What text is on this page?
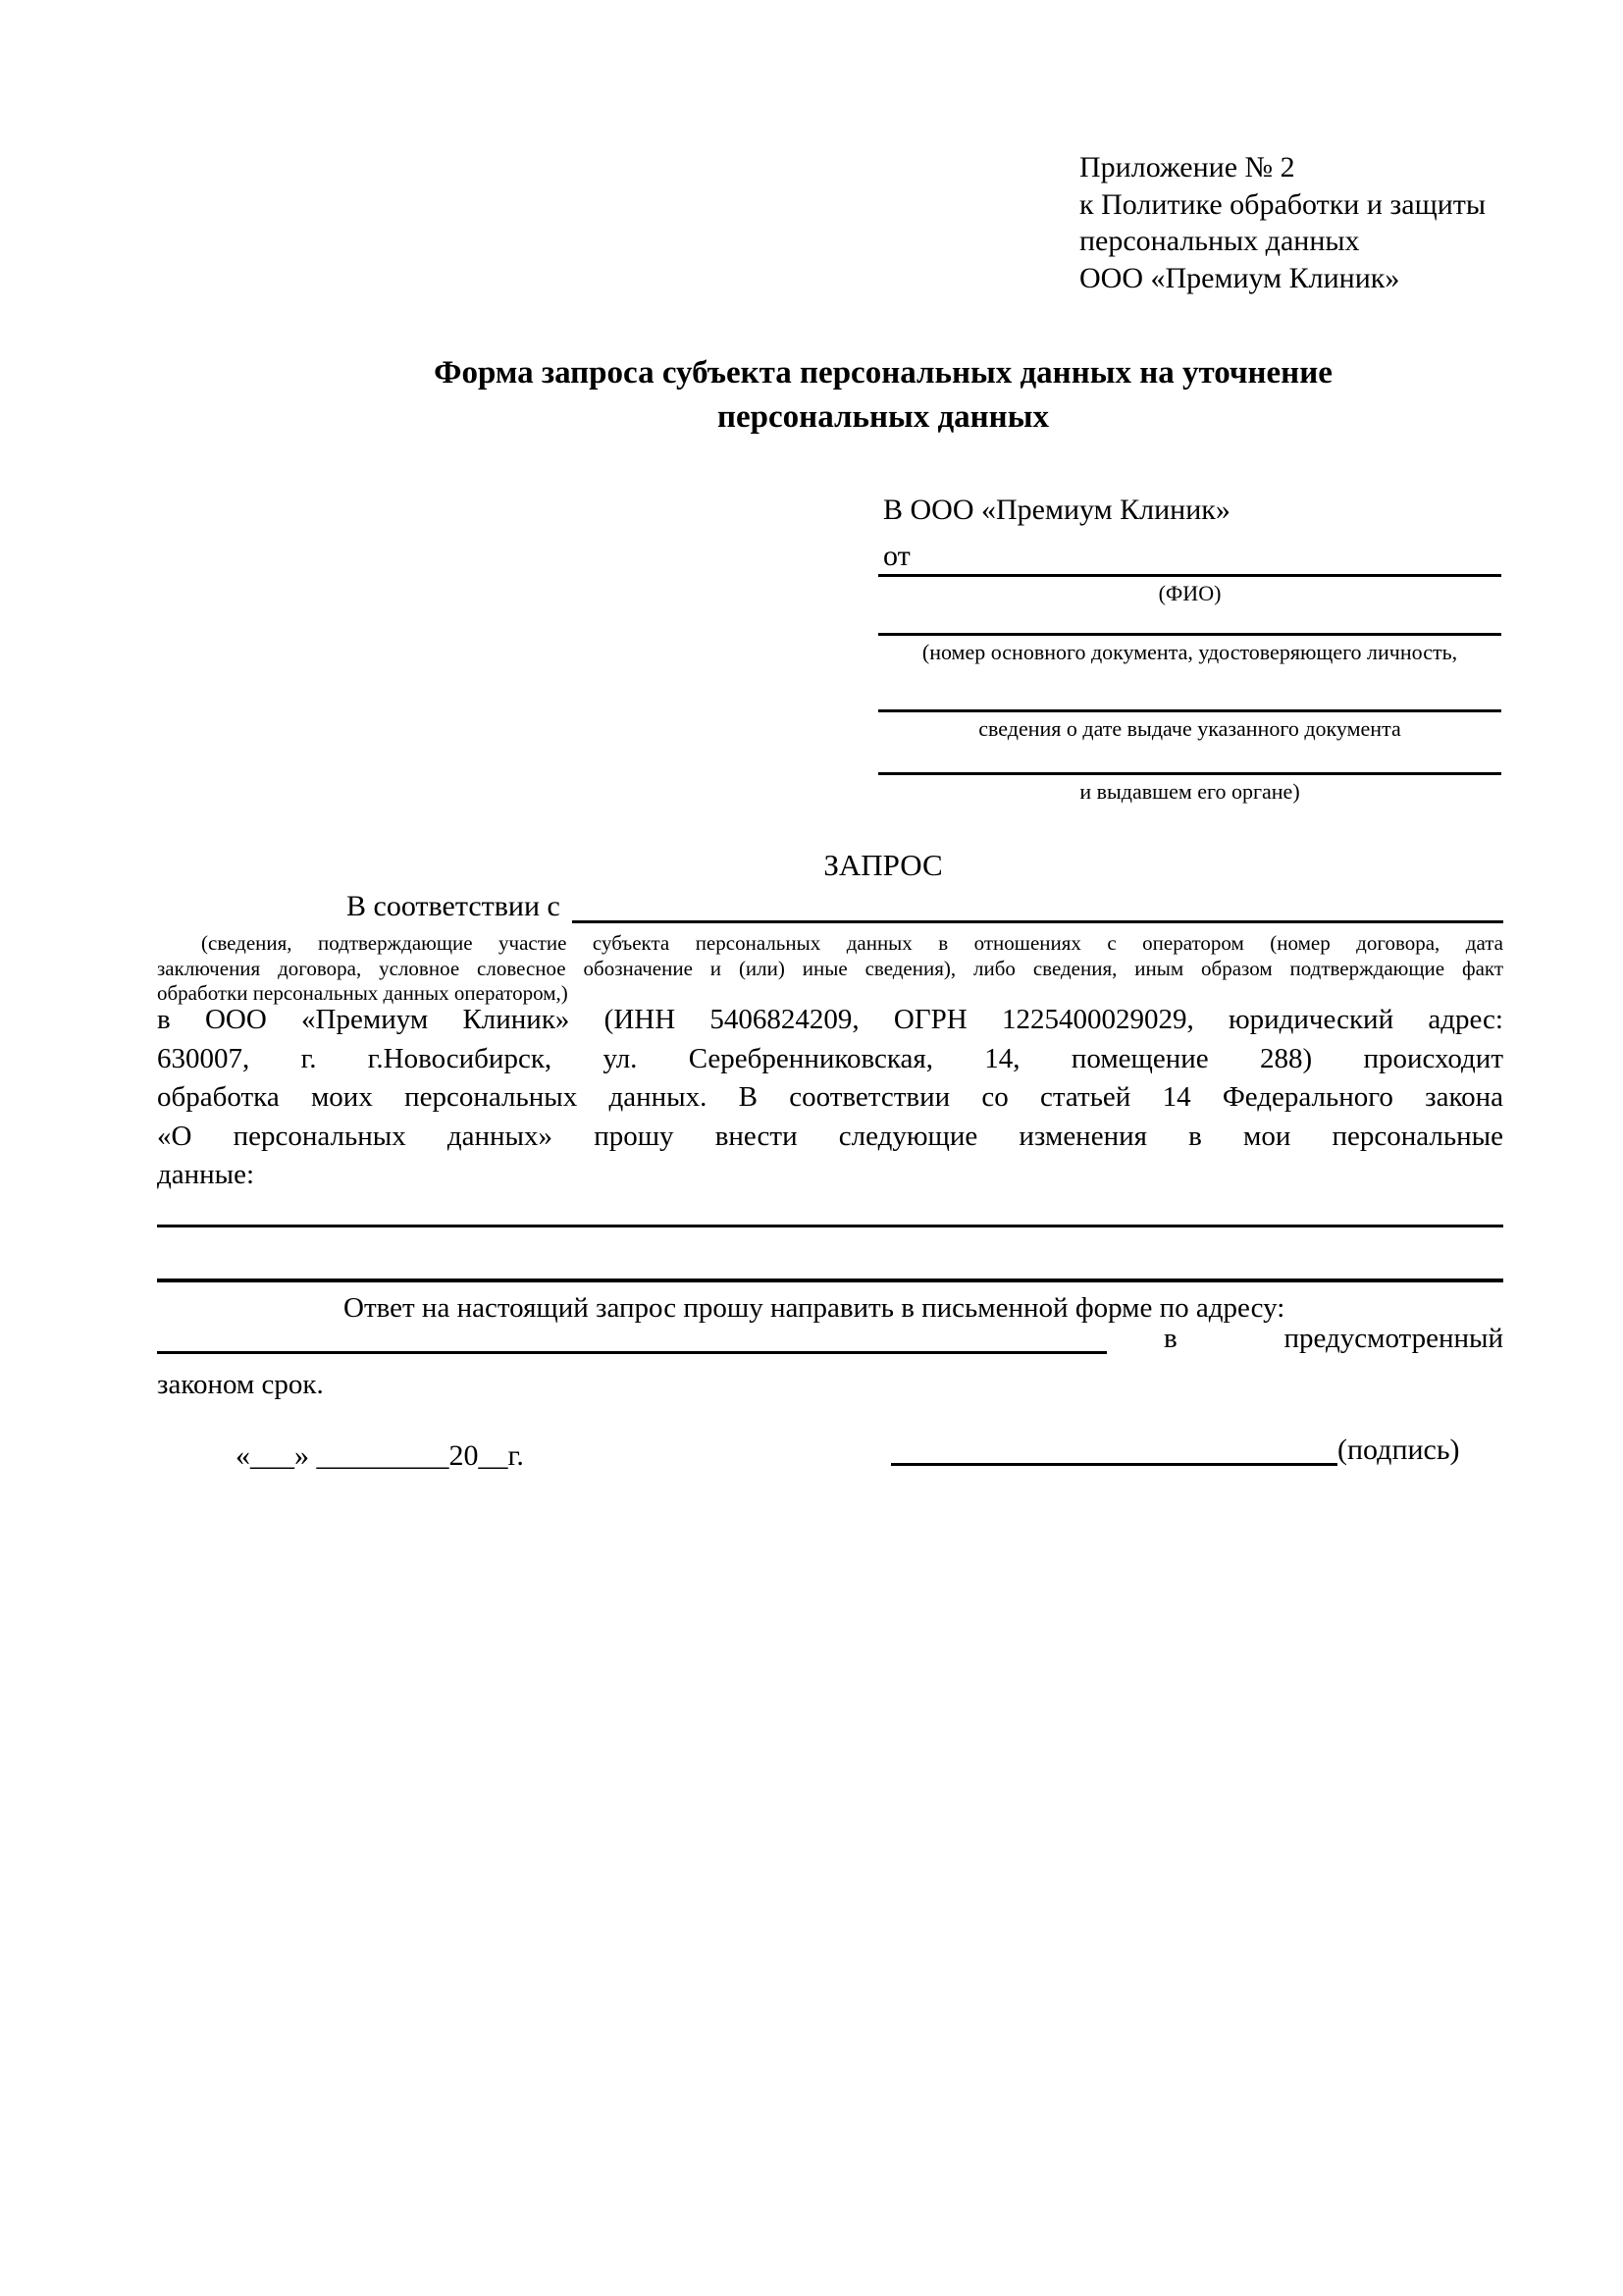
Приложение № 2
к Политике обработки и защиты
персональных данных
ООО «Премиум Клиник»
Форма запроса субъекта персональных данных на уточнение
персональных данных
В ООО «Премиум Клиник»
от
(ФИО)
(номер основного документа, удостоверяющего личность,
сведения о дате выдаче указанного документа
и выдавшем его органе)
ЗАПРОС
В соответствии с
(сведения, подтверждающие участие субъекта персональных данных в отношениях с оператором (номер договора, дата
заключения договора, условное словесное обозначение и (или) иные сведения), либо сведения, иным образом подтверждающие факт
обработки персональных данных оператором,)
в ООО «Премиум Клиник» (ИНН 5406824209, ОГРН 1225400029029, юридический адрес:
630007, г. г.Новосибирск, ул. Серебренниковская, 14, помещение 288) происходит
обработка моих персональных данных. В соответствии со статьей 14 Федерального закона
«О персональных данных» прошу внести следующие изменения в мои персональные
данные:
Ответ на настоящий запрос прошу направить в письменной форме по адресу:
в	предусмотренный
законом срок.
«___» _________20__г.	(подпись)
